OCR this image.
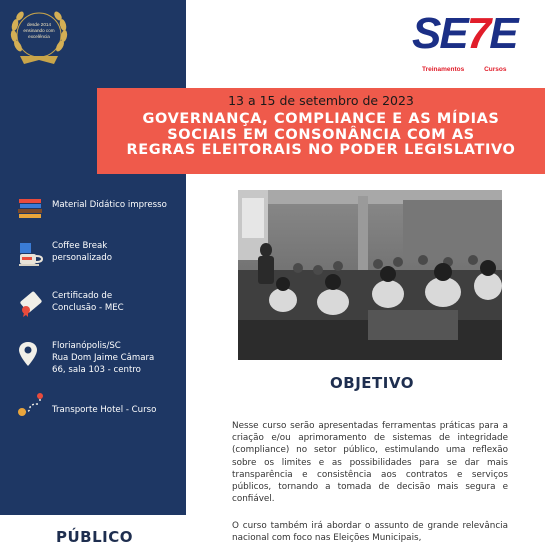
desde 2014
ensinando com
excelência	SE7E
Treinamentos	Cursos
13 a 15 de setembro de 2023
GOVERNANÇA, COMPLIANCE E AS MÍDIAS
SOCIAIS EM CONSONÂNCIA COM AS
REGRAS ELEITORAIS NO PODER LEGISLATIVO
Material Didático impresso
Coffee Break
personalizado
Certificado de
Conclusão - MEC
Florianópolis/SC
Rua Dom Jaime Câmara
66, sala 103 - centro
Transporte Hotel - Curso
OBJETIVO
Nesse curso serão apresentadas ferramentas práticas para a criação e/ou aprimoramento de sistemas de integridade (compliance) no setor público, estimulando uma reflexão sobre os limites e as possibilidades para se dar mais transparência e consistência aos contratos e serviços públicos, tornando a tomada de decisão mais segura e confiável.
O curso também irá abordar o assunto de grande relevância nacional com foco nas Eleições Municipais,
PÚBLICO
